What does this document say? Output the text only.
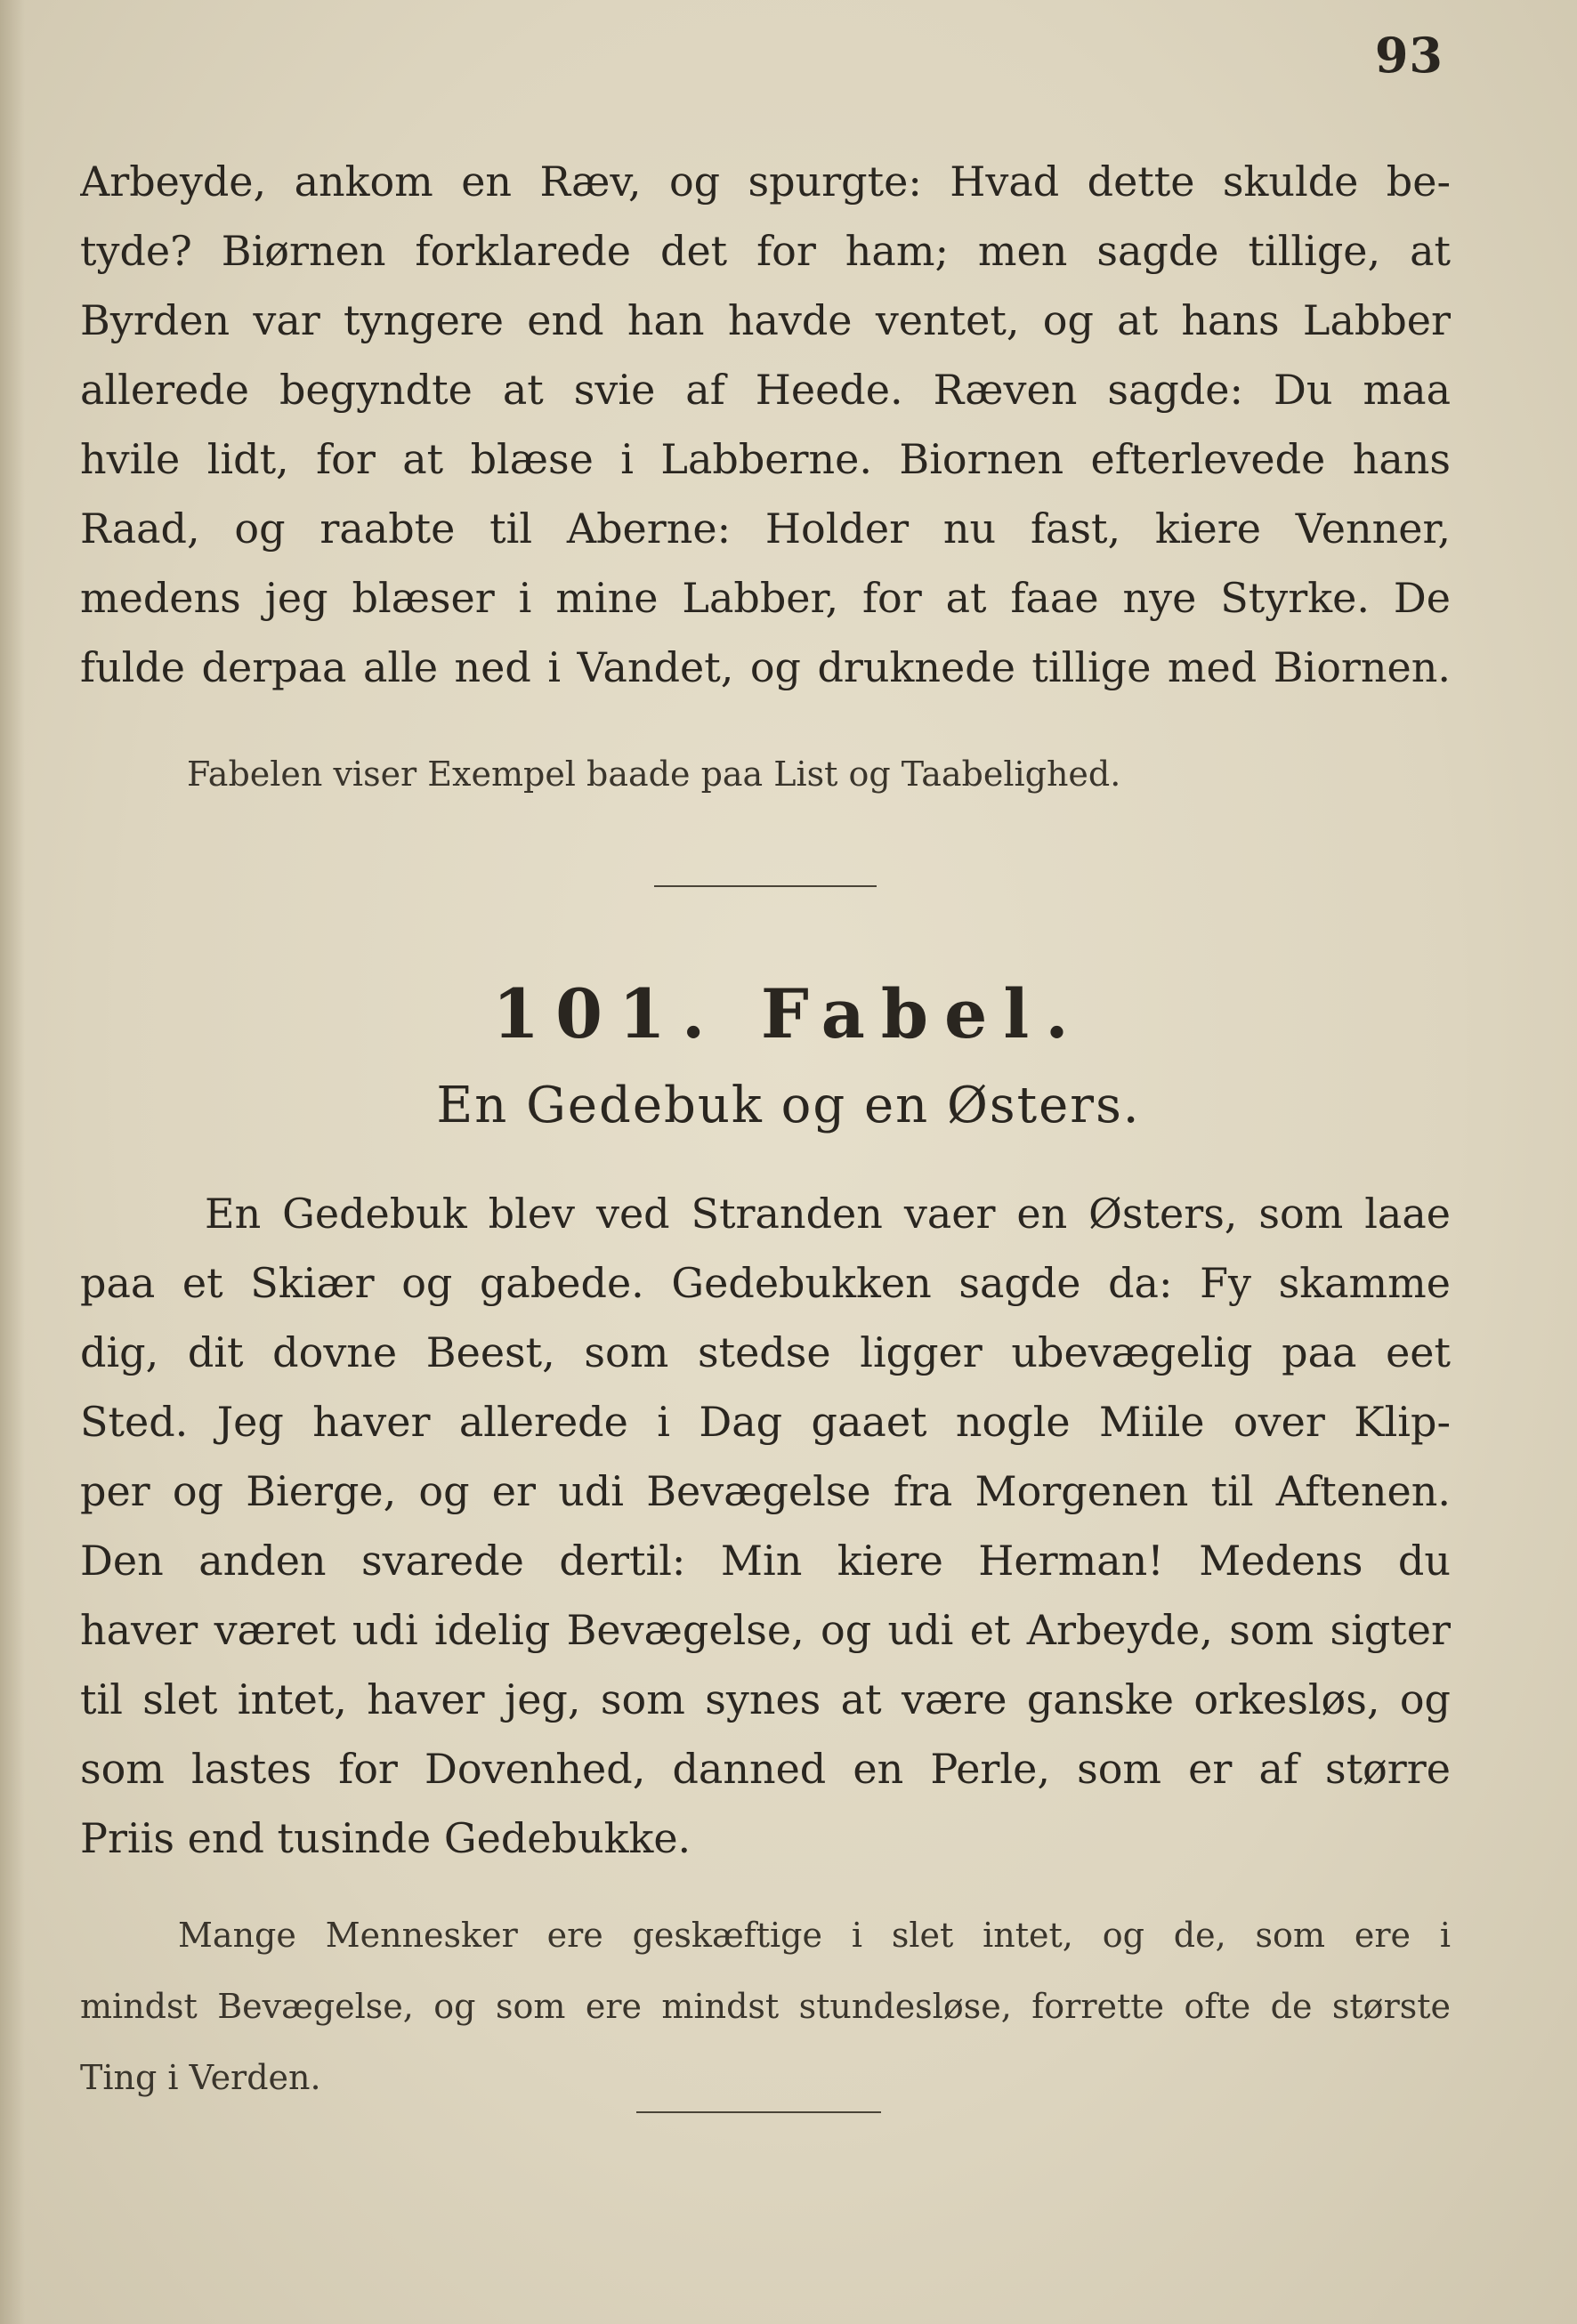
93
Arbeyde, ankom en Ræv, og spurgte: Hvad dette skulde be-
tyde? Biørnen forklarede det for ham; men sagde tillige, at
Byrden var tyngere end han havde ventet, og at hans Labber
allerede begyndte at svie af Heede. Ræven sagde: Du maa
hvile lidt, for at blæse i Labberne. Biornen efterlevede hans
Raad, og raabte til Aberne: Holder nu fast, kiere Venner,
medens jeg blæser i mine Labber, for at faae nye Styrke. De
fulde derpaa alle ned i Vandet, og druknede tillige med Biornen.
Fabelen viser Exempel baade paa List og Taabelighed.
101. Fabel.
En Gedebuk og en Østers.
En Gedebuk blev ved Stranden vaer en Østers, som laae
paa et Skiær og gabede. Gedebukken sagde da: Fy skamme
dig, dit dovne Beest, som stedse ligger ubevægelig paa eet
Sted. Jeg haver allerede i Dag gaaet nogle Miile over Klip-
per og Bierge, og er udi Bevægelse fra Morgenen til Aftenen.
Den anden svarede dertil: Min kiere Herman! Medens du
haver været udi idelig Bevægelse, og udi et Arbeyde, som sigter
til slet intet, haver jeg, som synes at være ganske orkesløs, og
som lastes for Dovenhed, danned en Perle, som er af større
Priis end tusinde Gedebukke.
Mange Mennesker ere geskæftige i slet intet, og de, som ere i
mindst Bevægelse, og som ere mindst stundesløse, forrette ofte de største
Ting i Verden.
